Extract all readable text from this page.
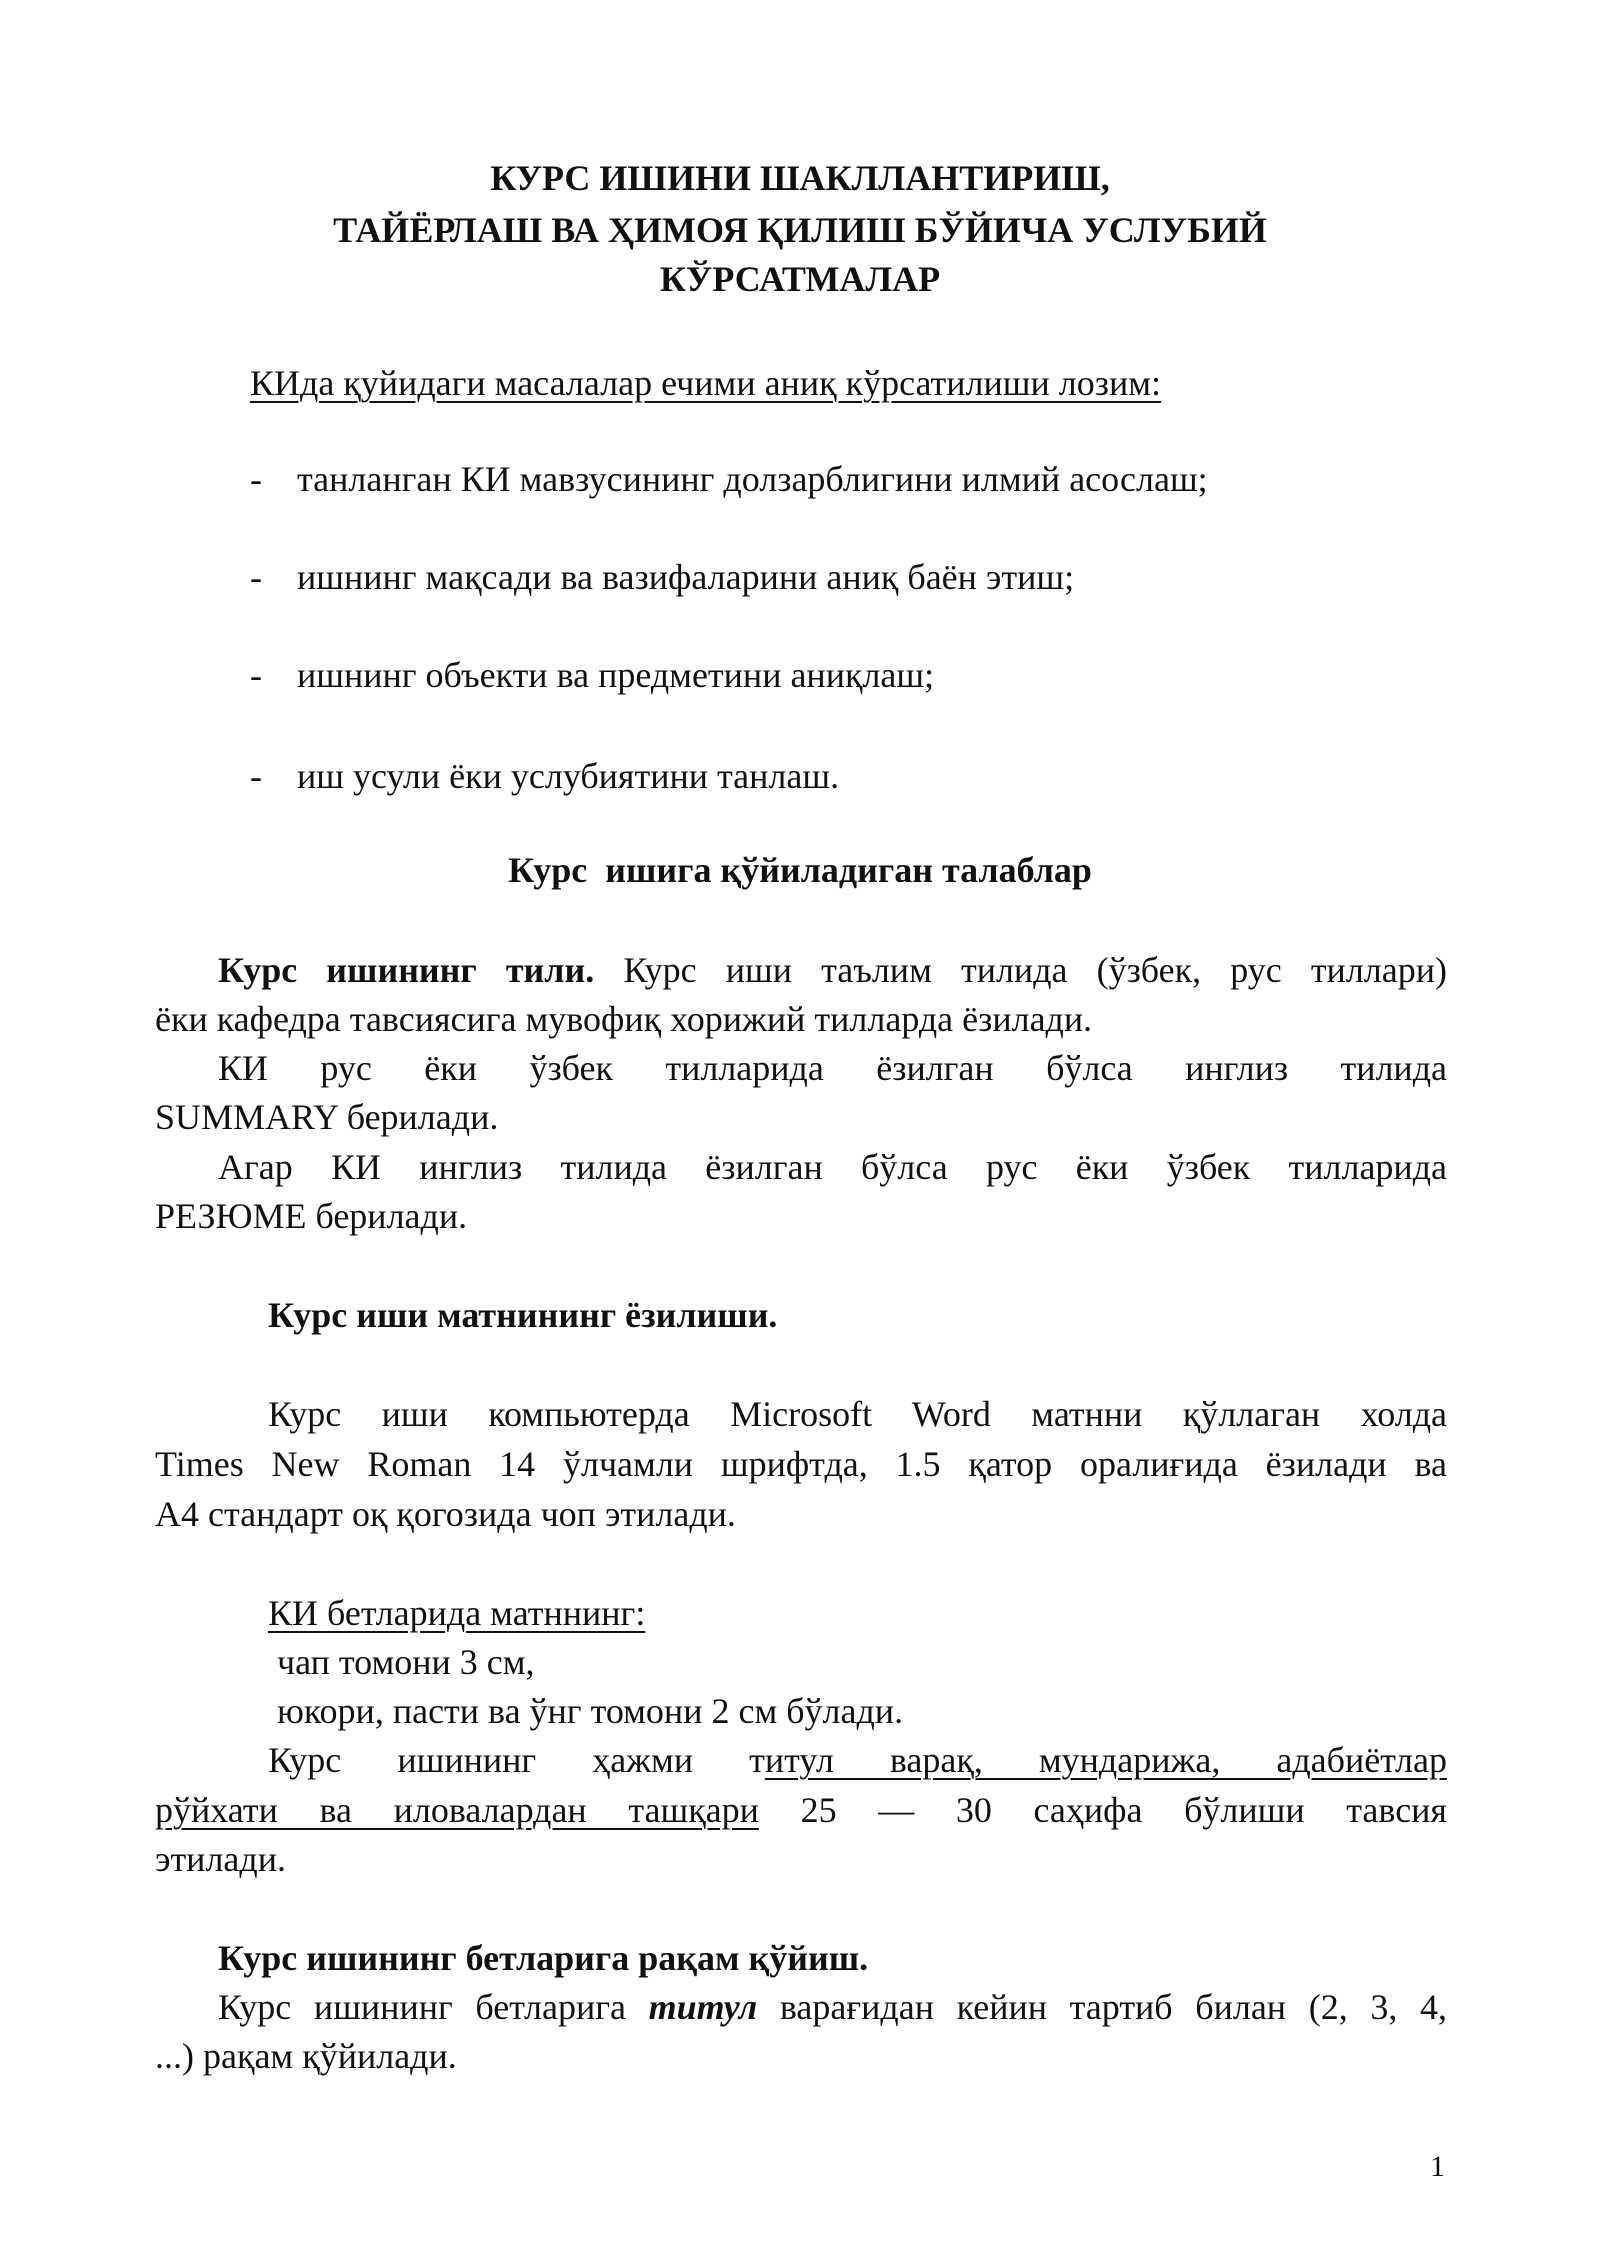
КУРС ИШИНИ ШАКЛЛАНТИРИШ,
ТАЙЁРЛАШ ВА ҲИМОЯ ҚИЛИШ БЎЙИЧА УСЛУБИЙ
КЎРСАТМАЛАР
КИда қуйидаги масалалар ечими аниқ кўрсатилиши лозим:
- танланган КИ мавзусининг долзарблигини илмий асослаш;
- ишнинг мақсади ва вазифаларини аниқ баён этиш;
- ишнинг объекти ва предметини аниқлаш;
- иш усули ёки услубиятини танлаш.
Курс  ишига қўйиладиган талаблар
Курс ишининг тили. Курс иши таълим тилида (ўзбек, рус тиллари)
ёки кафедра тавсиясига мувофиқ хорижий тилларда ёзилади.
КИ рус ёки ўзбек тилларида ёзилган бўлса инглиз тилида
SUMMARY берилади.
Агар КИ инглиз тилида ёзилган бўлса рус ёки ўзбек тилларида
РЕЗЮМЕ берилади.
Курс иши матнининг ёзилиши.
Курс иши компьютерда Microsoft Word матнни қўллаган холда
Times New Roman 14 ўлчамли шрифтда, 1.5 қатор оралиғида ёзилади ва
А4 стандарт оқ қогозида чоп этилади.
КИ бетларида матннинг:
чап томони 3 см,
юкори, пасти ва ўнг томони 2 см бўлади.
Курс ишининг ҳажми титул варақ, мундарижа, адабиётлар
рўйхати ва иловалардан ташқари 25 — 30 саҳифа бўлиши тавсия
этилади.
Курс ишининг бетларига рақам қўйиш.
Курс ишининг бетларига титул варағидан кейин тартиб билан (2, 3, 4,
...) рақам қўйилади.
1
